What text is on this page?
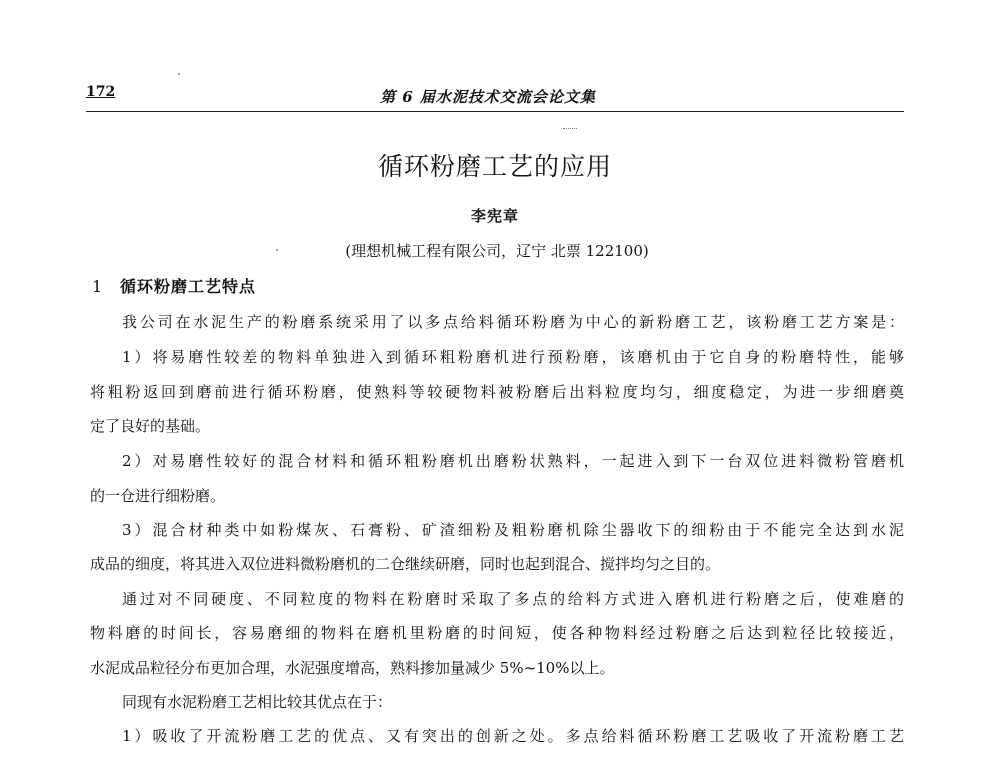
172	第 6 届水泥技术交流会论文集
循环粉磨工艺的应用
李宪章
(理想机械工程有限公司，辽宁 北票 122100)
1 循环粉磨工艺特点
我公司在水泥生产的粉磨系统采用了以多点给料循环粉磨为中心的新粉磨工艺，该粉磨工艺方案是：
1）将易磨性较差的物料单独进入到循环粗粉磨机进行预粉磨，该磨机由于它自身的粉磨特性，能够
将粗粉返回到磨前进行循环粉磨，使熟料等较硬物料被粉磨后出料粒度均匀，细度稳定，为进一步细磨奠
定了良好的基础。
2）对易磨性较好的混合材料和循环粗粉磨机出磨粉状熟料，一起进入到下一台双位进料微粉管磨机
的一仓进行细粉磨。
3）混合材种类中如粉煤灰、石膏粉、矿渣细粉及粗粉磨机除尘器收下的细粉由于不能完全达到水泥
成品的细度，将其进入双位进料微粉磨机的二仓继续研磨，同时也起到混合、搅拌均匀之目的。
通过对不同硬度、不同粒度的物料在粉磨时采取了多点的给料方式进入磨机进行粉磨之后，使难磨的
物料磨的时间长，容易磨细的物料在磨机里粉磨的时间短，使各种物料经过粉磨之后达到粒径比较接近，
水泥成品粒径分布更加合理，水泥强度增高，熟料掺加量减少 5%~10%以上。
同现有水泥粉磨工艺相比较其优点在于：
1）吸收了开流粉磨工艺的优点、又有突出的创新之处。多点给料循环粉磨工艺吸收了开流粉磨工艺
